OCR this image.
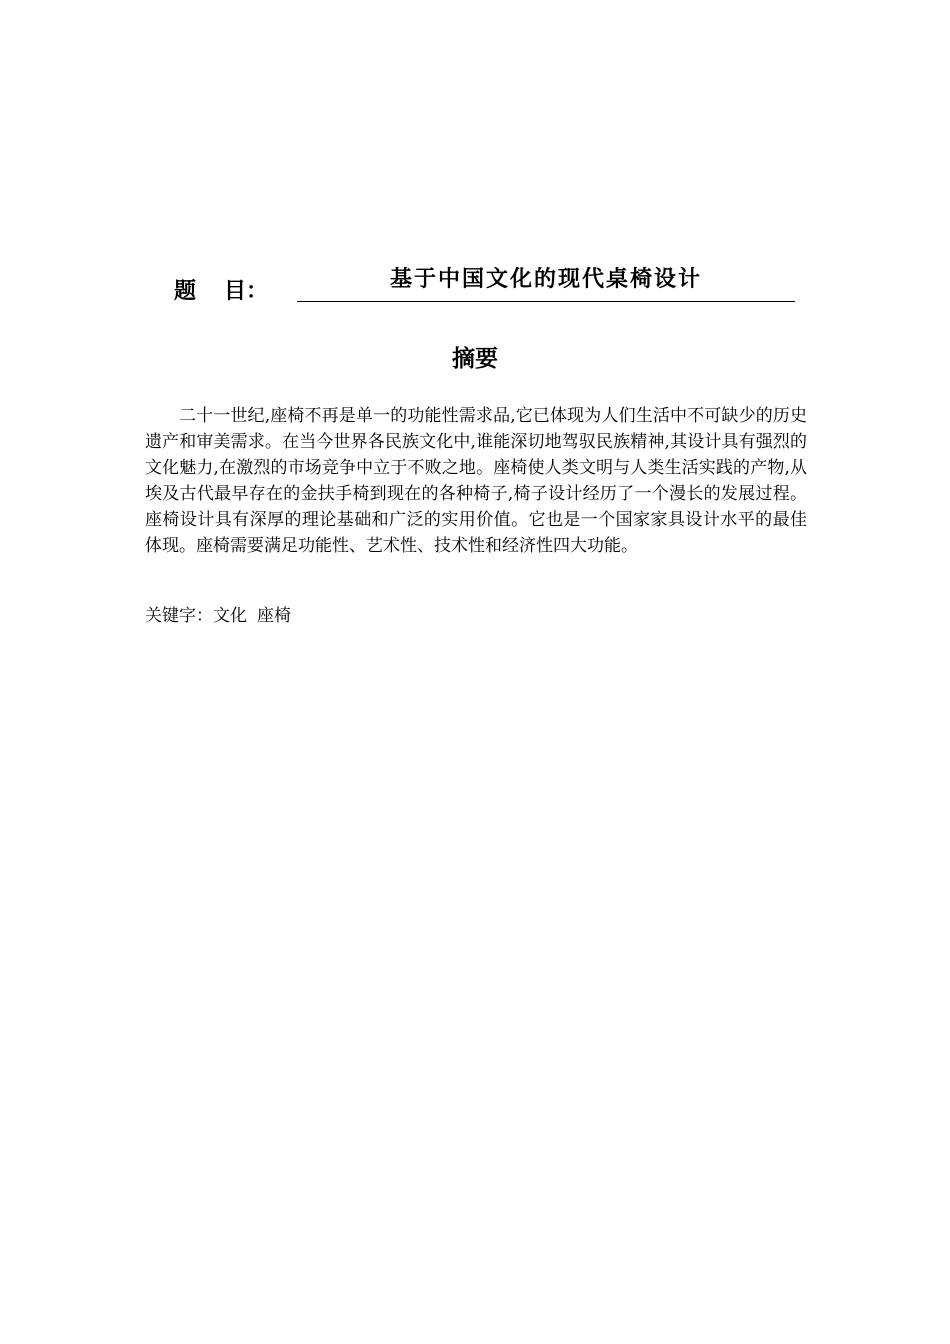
题 目：	基于中国文化的现代桌椅设计
摘要
二十一世纪,座椅不再是单一的功能性需求品,它已体现为人们生活中不可缺少的历史遗产和审美需求。在当今世界各民族文化中,谁能深切地驾驭民族精神,其设计具有强烈的文化魅力,在激烈的市场竞争中立于不败之地。座椅使人类文明与人类生活实践的产物,从埃及古代最早存在的金扶手椅到现在的各种椅子,椅子设计经历了一个漫长的发展过程。座椅设计具有深厚的理论基础和广泛的实用价值。它也是一个国家家具设计水平的最佳体现。座椅需要满足功能性、艺术性、技术性和经济性四大功能。
关键字：文化 座椅
